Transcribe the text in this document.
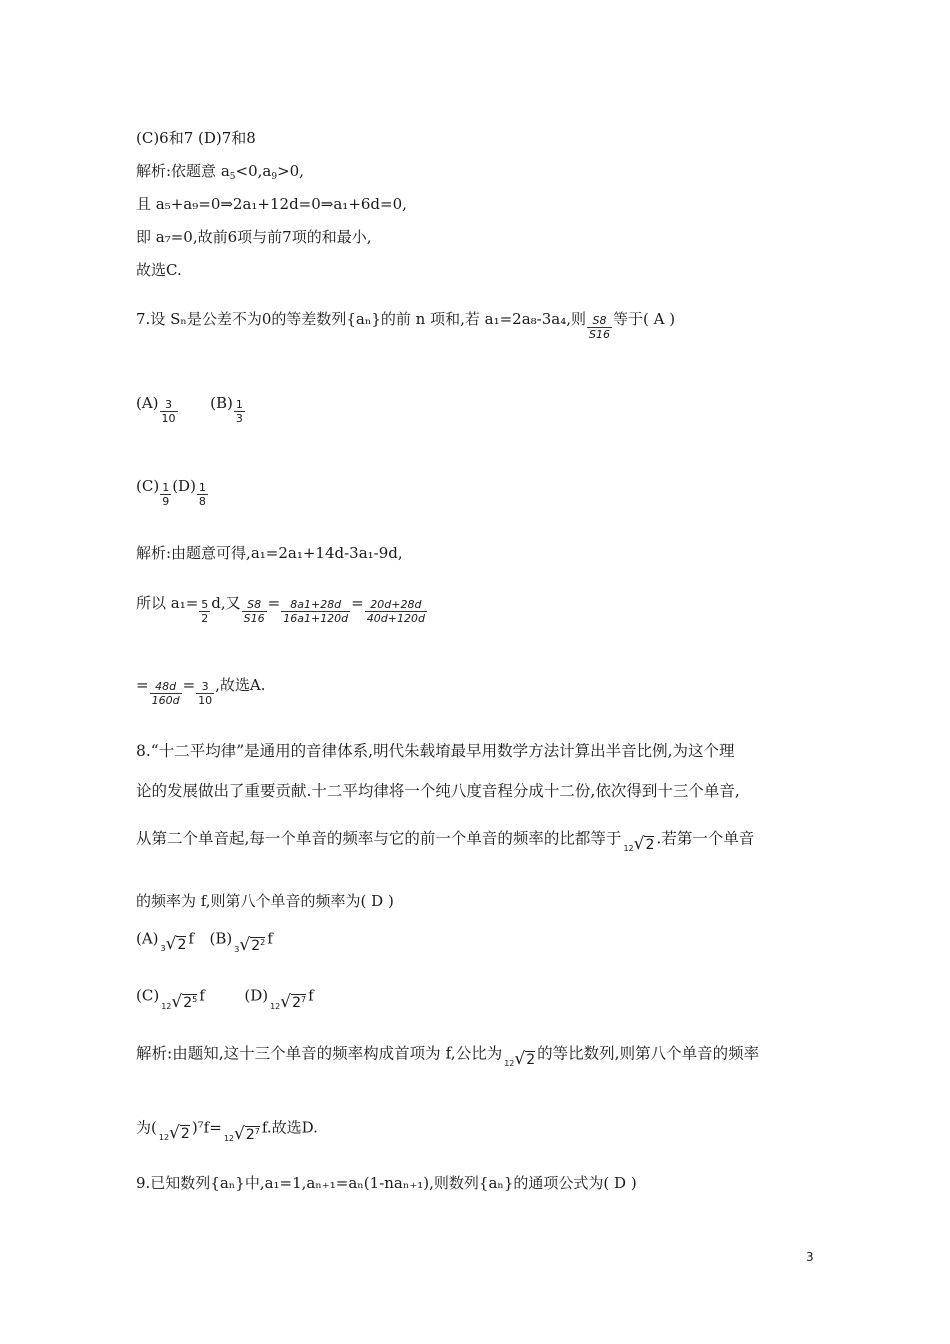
(C)6和7 (D)7和8
解析:依题意 $a_5<0,a_9>0$,
且 a₅+a₉=0⇒2a₁+12d=0⇒a₁+6d=0,
即 a₇=0,故前6项与前7项的和最小,
故选C.
7.设 Sₙ是公差不为0的等差数列{aₙ}的前 n 项和,若 a₁=2a₈-3a₄,则 $\frac{S8}{S16}$ 等于( A )
$(A) \frac{3}{10} (B) \frac{1}{3}$
$(C) \frac{1}{9} (D) \frac{1}{8}$
解析:由题意可得,a₁=2a₁+14d-3a₁-9d,
所以 $a_1= \frac{5}{2} d$,又 $\frac{S8}{S16} = \frac{8a1+28d}{16a1+120d} = \frac{20d+28d}{40d+120d}$
= $\frac{48d}{160d} = \frac{3}{10}$ ,故选A.
8.“十二平均律”是通用的音律体系,明代朱载堉最早用数学方法计算出半音比例,为这个理
论的发展做出了重要贡献.十二平均律将一个纯八度音程分成十二份,依次得到十三个单音,
从第二个单音起,每一个单音的频率与它的前一个单音的频率的比都等于12√2 .若第一个单音
的频率为 f,则第八个单音的频率为( D )
(A)3√2 f $(B)3√2^2$ f
$(C)12√2^5$ f	$(D)12√2^7$ f
解析:由题知,这十三个单音的频率构成首项为 f,公比为12√2 的等比数列,则第八个单音的频率
为(12√2 )$^7f=12√2^7$ f.故选D.
9.已知数列{aₙ}中,a₁=1,aₙ₊₁=aₙ(1-naₙ₊₁),则数列{aₙ}的通项公式为( D )
3
